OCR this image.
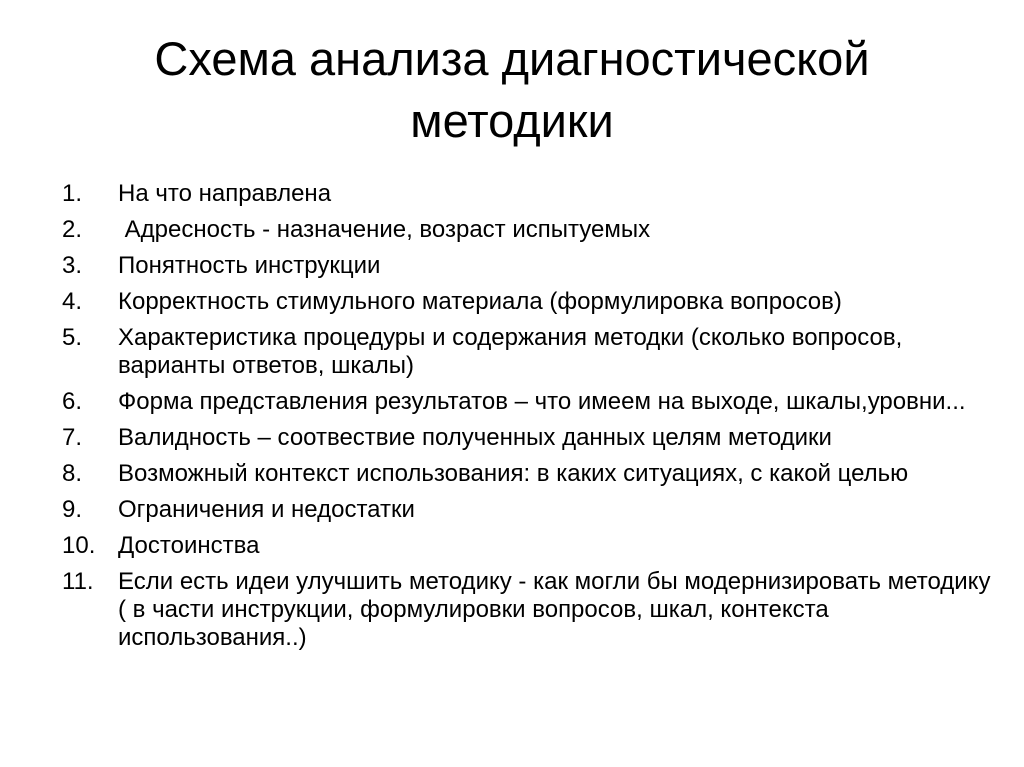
Схема анализа диагностической
методики
1.	На что направлена
2.	Адресность - назначение, возраст испытуемых
3.	Понятность инструкции
4.	Корректность стимульного материала (формулировка вопросов)
5.	Характеристика процедуры и содержания методки (сколько вопросов, варианты ответов, шкалы)
6.	Форма представления результатов – что имеем на выходе, шкалы,уровни...
7.	Валидность – соотвествие полученных данных целям методики
8.	Возможный контекст использования: в каких ситуациях, с какой целью
9.	Ограничения и недостатки
10. Достоинства
11.	Если есть идеи улучшить методику - как могли бы модернизировать методику ( в части инструкции, формулировки вопросов, шкал, контекста использования..)
